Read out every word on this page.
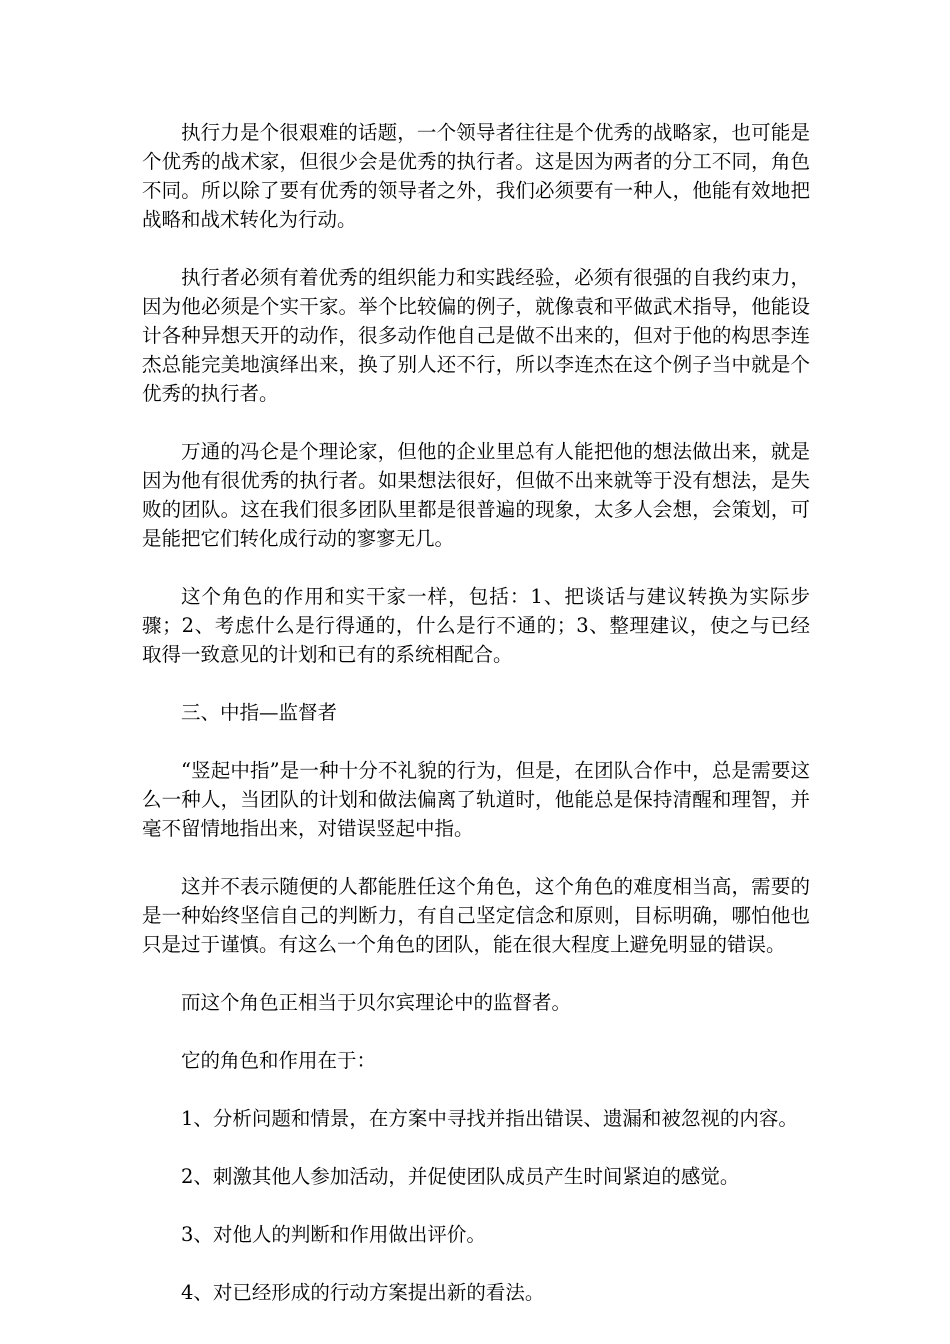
执行力是个很艰难的话题，一个领导者往往是个优秀的战略家，也可能是个优秀的战术家，但很少会是优秀的执行者。这是因为两者的分工不同，角色不同。所以除了要有优秀的领导者之外，我们必须要有一种人，他能有效地把战略和战术转化为行动。

执行者必须有着优秀的组织能力和实践经验，必须有很强的自我约束力，因为他必须是个实干家。举个比较偏的例子，就像袁和平做武术指导，他能设计各种异想天开的动作，很多动作他自己是做不出来的，但对于他的构思李连杰总能完美地演绎出来，换了别人还不行，所以李连杰在这个例子当中就是个优秀的执行者。

万通的冯仑是个理论家，但他的企业里总有人能把他的想法做出来，就是因为他有很优秀的执行者。如果想法很好，但做不出来就等于没有想法，是失败的团队。这在我们很多团队里都是很普遍的现象，太多人会想，会策划，可是能把它们转化成行动的寥寥无几。

这个角色的作用和实干家一样，包括：1、把谈话与建议转换为实际步骤；2、考虑什么是行得通的，什么是行不通的；3、整理建议，使之与已经取得一致意见的计划和已有的系统相配合。

三、中指—监督者

“竖起中指”是一种十分不礼貌的行为，但是，在团队合作中，总是需要这么一种人，当团队的计划和做法偏离了轨道时，他能总是保持清醒和理智，并毫不留情地指出来，对错误竖起中指。

这并不表示随便的人都能胜任这个角色，这个角色的难度相当高，需要的是一种始终坚信自己的判断力，有自己坚定信念和原则，目标明确，哪怕他也只是过于谨慎。有这么一个角色的团队，能在很大程度上避免明显的错误。

而这个角色正相当于贝尔宾理论中的监督者。

它的角色和作用在于：

1、分析问题和情景，在方案中寻找并指出错误、遗漏和被忽视的内容。

2、刺激其他人参加活动，并促使团队成员产生时间紧迫的感觉。

3、对他人的判断和作用做出评价。

4、对已经形成的行动方案提出新的看法。
